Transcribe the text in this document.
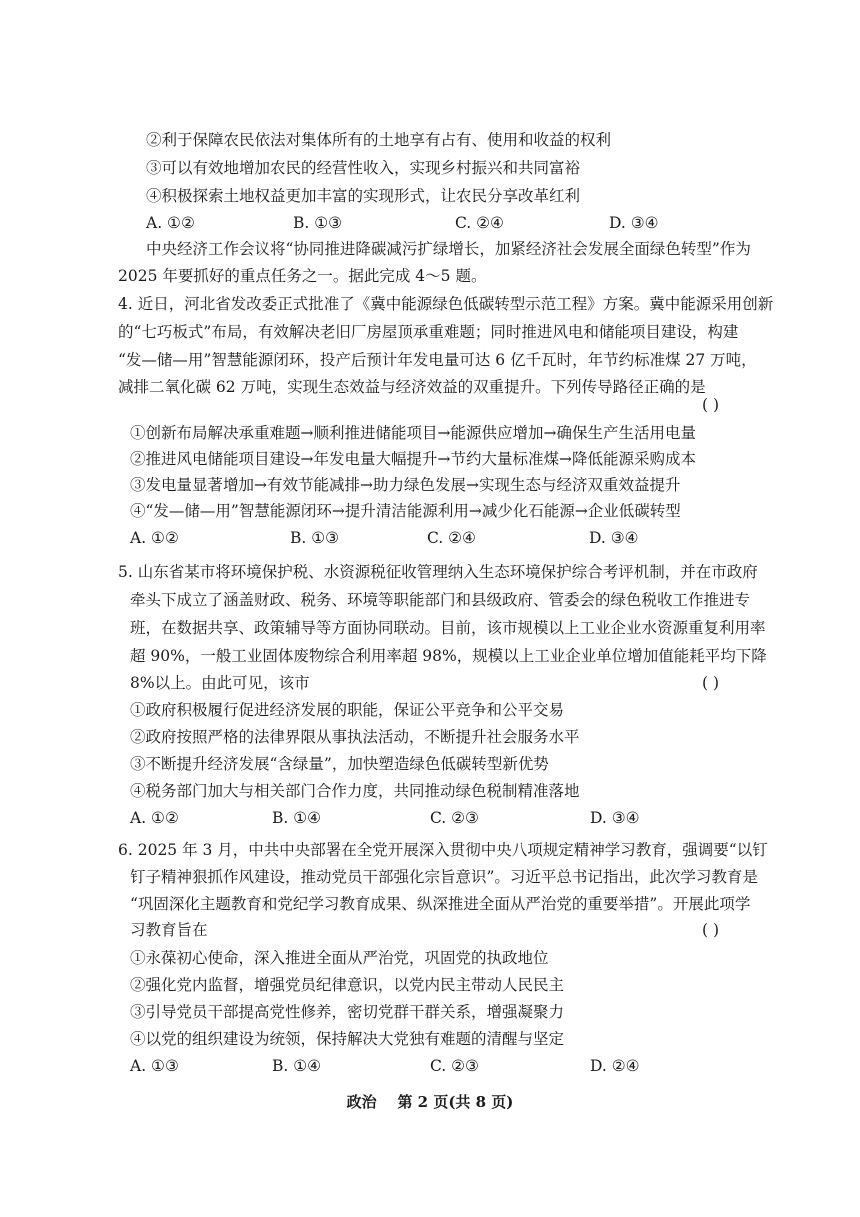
②利于保障农民依法对集体所有的土地享有占有、使用和收益的权利
③可以有效地增加农民的经营性收入，实现乡村振兴和共同富裕
④积极探索土地权益更加丰富的实现形式，让农民分享改革红利
A. ①②	B. ①③	C. ②④	D. ③④
中央经济工作会议将“协同推进降碳减污扩绿增长，加紧经济社会发展全面绿色转型”作为
2025 年要抓好的重点任务之一。据此完成 4～5 题。
4. 近日，河北省发改委正式批准了《冀中能源绿色低碳转型示范工程》方案。冀中能源采用创新
的“七巧板式”布局，有效解决老旧厂房屋顶承重难题；同时推进风电和储能项目建设，构建
“发—储—用”智慧能源闭环，投产后预计年发电量可达 6 亿千瓦时，年节约标准煤 27 万吨，
减排二氧化碳 62 万吨，实现生态效益与经济效益的双重提升。下列传导路径正确的是
( )
①创新布局解决承重难题→顺利推进储能项目→能源供应增加→确保生产生活用电量
②推进风电储能项目建设→年发电量大幅提升→节约大量标准煤→降低能源采购成本
③发电量显著增加→有效节能减排→助力绿色发展→实现生态与经济双重效益提升
④“发—储—用”智慧能源闭环→提升清洁能源利用→减少化石能源→企业低碳转型
A. ①②	B. ①③	C. ②④	D. ③④
5. 山东省某市将环境保护税、水资源税征收管理纳入生态环境保护综合考评机制，并在市政府
牵头下成立了涵盖财政、税务、环境等职能部门和县级政府、管委会的绿色税收工作推进专
班，在数据共享、政策辅导等方面协同联动。目前，该市规模以上工业企业水资源重复利用率
超 90%，一般工业固体废物综合利用率超 98%，规模以上工业企业单位增加值能耗平均下降
8%以上。由此可见，该市	( )
①政府积极履行促进经济发展的职能，保证公平竞争和公平交易
②政府按照严格的法律界限从事执法活动，不断提升社会服务水平
③不断提升经济发展“含绿量”，加快塑造绿色低碳转型新优势
④税务部门加大与相关部门合作力度，共同推动绿色税制精准落地
A. ①②	B. ①④	C. ②③	D. ③④
6. 2025 年 3 月，中共中央部署在全党开展深入贯彻中央八项规定精神学习教育，强调要“以钉
钉子精神狠抓作风建设，推动党员干部强化宗旨意识”。习近平总书记指出，此次学习教育是
“巩固深化主题教育和党纪学习教育成果、纵深推进全面从严治党的重要举措”。开展此项学
习教育旨在	( )
①永葆初心使命，深入推进全面从严治党，巩固党的执政地位
②强化党内监督，增强党员纪律意识，以党内民主带动人民民主
③引导党员干部提高党性修养，密切党群干群关系，增强凝聚力
④以党的组织建设为统领，保持解决大党独有难题的清醒与坚定
A. ①③	B. ①④	C. ②③	D. ②④
政治    第 2 页(共 8 页)
